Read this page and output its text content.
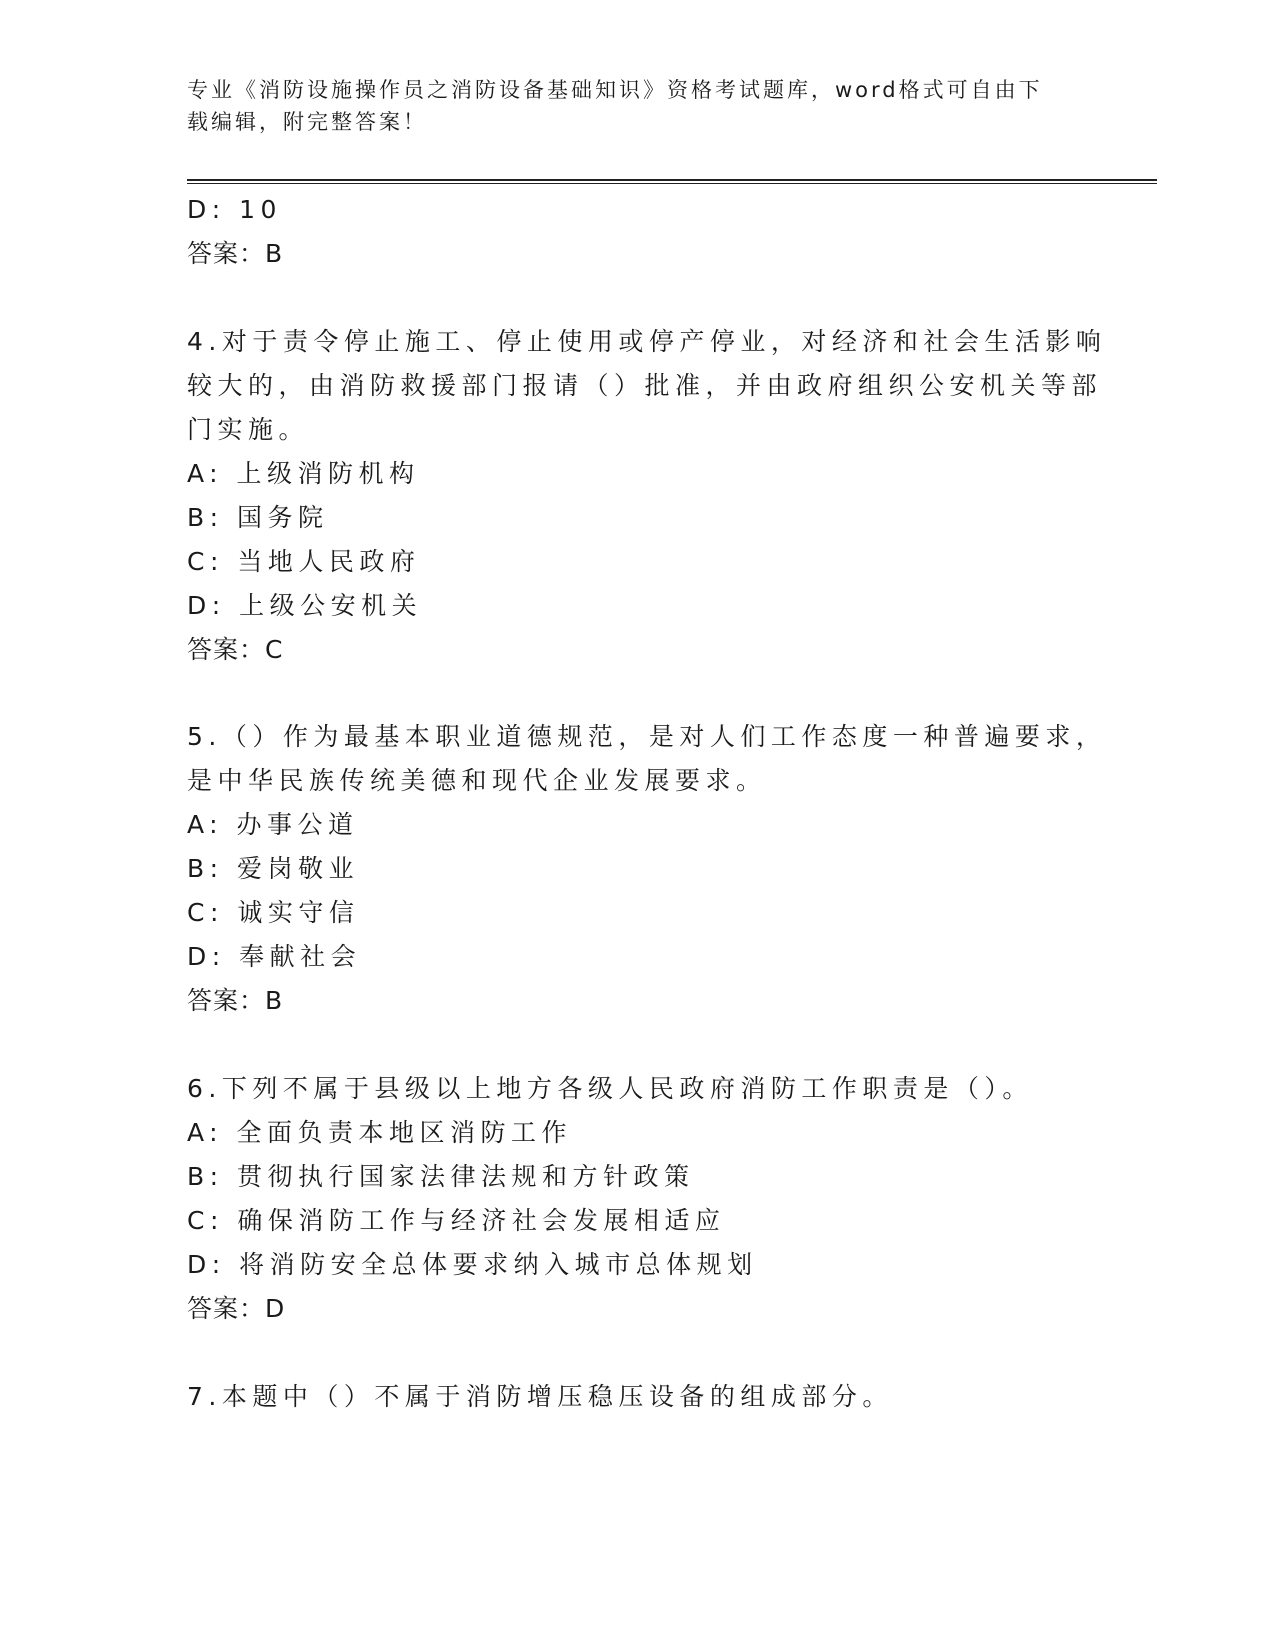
专业《消防设施操作员之消防设备基础知识》资格考试题库，word格式可自由下
载编辑，附完整答案！
D: 10
答案：B
4.对于责令停止施工、停止使用或停产停业，对经济和社会生活影响
较大的，由消防救援部门报请（）批准，并由政府组织公安机关等部
门实施。
A: 上级消防机构
B: 国务院
C: 当地人民政府
D: 上级公安机关
答案：C
5.（）作为最基本职业道德规范，是对人们工作态度一种普遍要求，
是中华民族传统美德和现代企业发展要求。
A: 办事公道
B: 爱岗敬业
C: 诚实守信
D: 奉献社会
答案：B
6.下列不属于县级以上地方各级人民政府消防工作职责是（）。
A: 全面负责本地区消防工作
B: 贯彻执行国家法律法规和方针政策
C: 确保消防工作与经济社会发展相适应
D: 将消防安全总体要求纳入城市总体规划
答案：D
7.本题中（）不属于消防增压稳压设备的组成部分。
